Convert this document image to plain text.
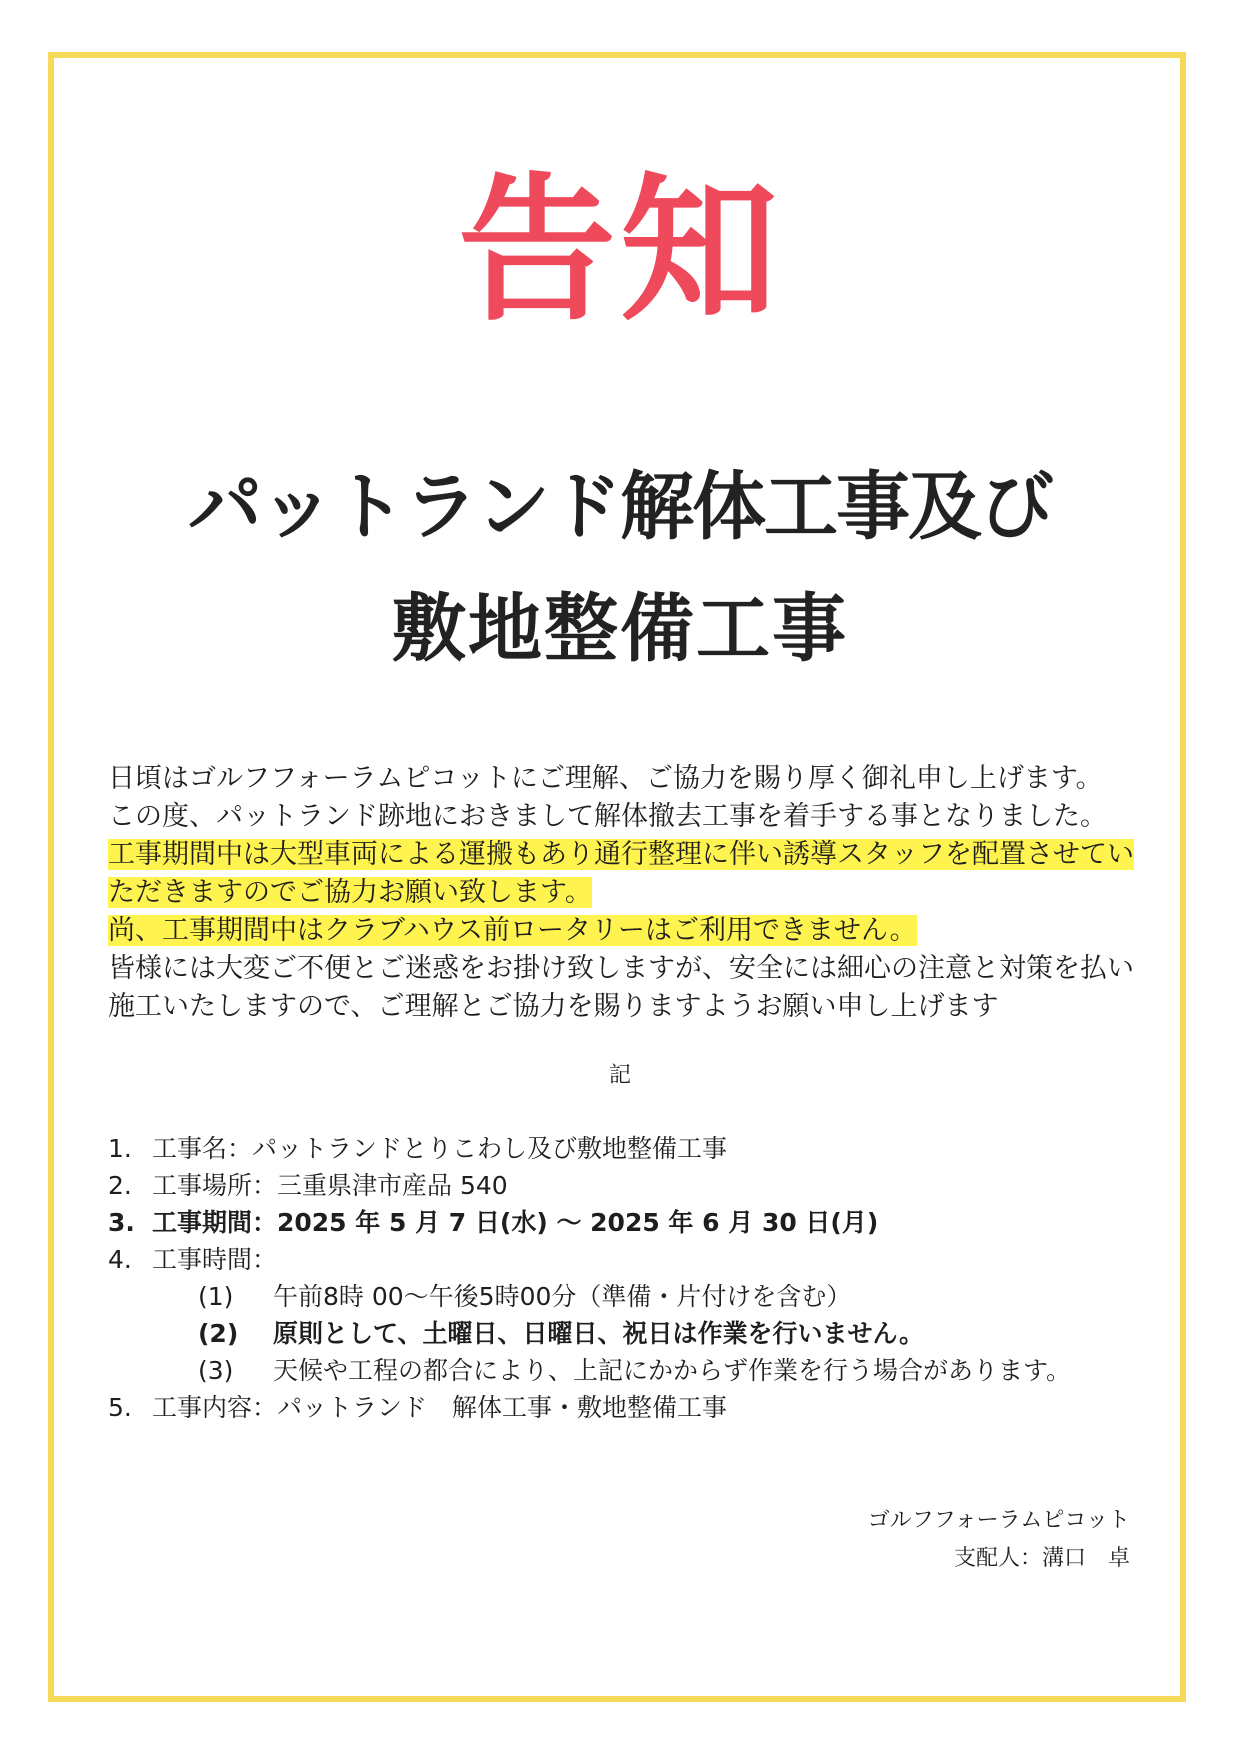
告知
パットランド解体工事及び
敷地整備工事
日頃はゴルフフォーラムピコットにご理解、ご協力を賜り厚く御礼申し上げます。
この度、パットランド跡地におきまして解体撤去工事を着手する事となりました。
工事期間中は大型車両による運搬もあり通行整理に伴い誘導スタッフを配置させてい
ただきますのでご協力お願い致します。
尚、工事期間中はクラブハウス前ロータリーはご利用できません。
皆様には大変ご不便とご迷惑をお掛け致しますが、安全には細心の注意と対策を払い
施工いたしますので、ご理解とご協力を賜りますようお願い申し上げます
記
1. 工事名：パットランドとりこわし及び敷地整備工事
2. 工事場所：三重県津市産品 540
3. 工事期間：2025 年 5 月 7 日(水) ～ 2025 年 6 月 30 日(月)
4. 工事時間：
(1) 午前8時 00～午後5時00分（準備・片付けを含む）
(2) 原則として、土曜日、日曜日、祝日は作業を行いません。
(3) 天候や工程の都合により、上記にかからず作業を行う場合があります。
5. 工事内容：パットランド　解体工事・敷地整備工事
ゴルフフォーラムピコット
支配人：溝口　卓
